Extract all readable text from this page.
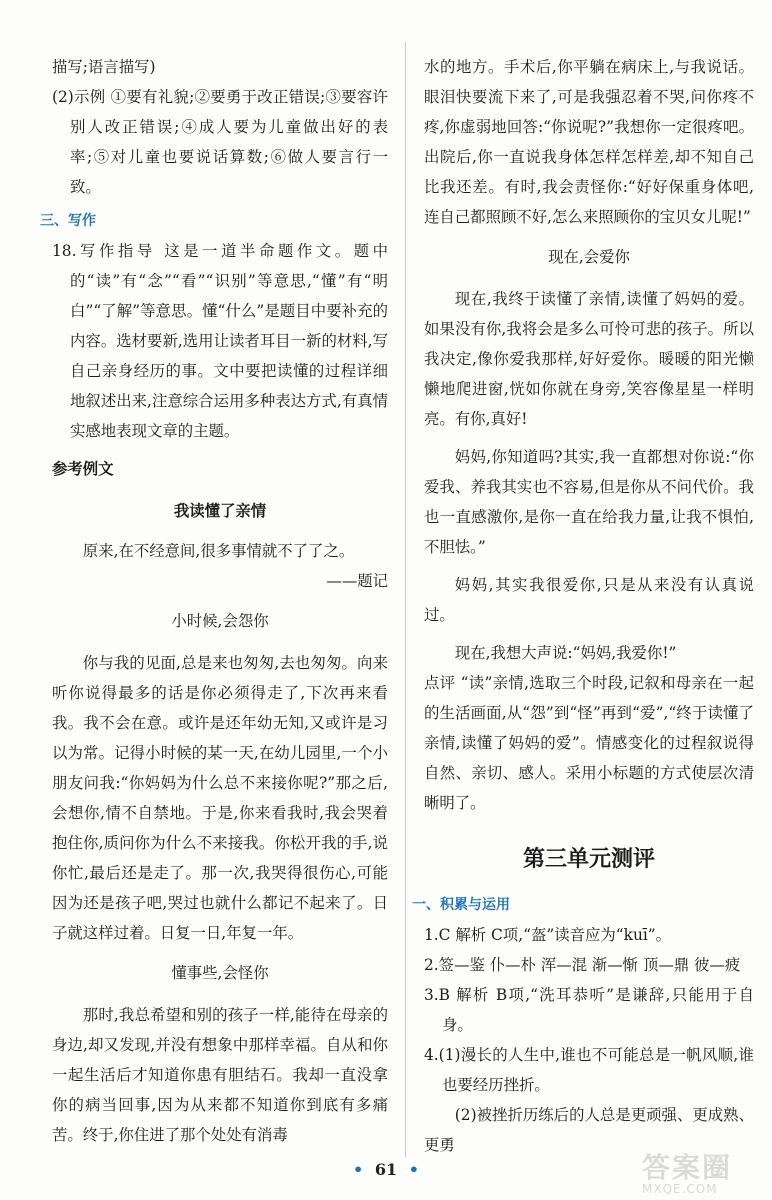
描写;语言描写)

(2)示例 ①要有礼貌;②要勇于改正错误;③要容许别人改正错误;④成人要为儿童做出好的表率;⑤对儿童也要说话算数;⑥做人要言行一致。

三、写作

18.写作指导 这是一道半命题作文。题中的“读”有“念”“看”“识别”等意思,“懂”有“明白”“了解”等意思。懂“什么”是题目中要补充的内容。选材要新,选用让读者耳目一新的材料,写自己亲身经历的事。文中要把读懂的过程详细地叙述出来,注意综合运用多种表达方式,有真情实感地表现文章的主题。

参考例文

我读懂了亲情

原来,在不经意间,很多事情就不了了之。

——题记
小时候,会怨你

你与我的见面,总是来也匆匆,去也匆匆。向来听你说得最多的话是你必须得走了,下次再来看我。我不会在意。或许是还年幼无知,又或许是习以为常。记得小时候的某一天,在幼儿园里,一个小朋友问我:“你妈妈为什么总不来接你呢?”那之后,会想你,情不自禁地。于是,你来看我时,我会哭着抱住你,质问你为什么不来接我。你松开我的手,说你忙,最后还是走了。那一次,我哭得很伤心,可能因为还是孩子吧,哭过也就什么都记不起来了。日子就这样过着。日复一日,年复一年。

懂事些,会怪你

那时,我总希望和别的孩子一样,能待在母亲的身边,却又发现,并没有想象中那样幸福。自从和你一起生活后才知道你患有胆结石。我却一直没拿你的病当回事,因为从来都不知道你到底有多痛苦。终于,你住进了那个处处有消毒

水的地方。手术后,你平躺在病床上,与我说话。眼泪快要流下来了,可是我强忍着不哭,问你疼不疼,你虚弱地回答:“你说呢?”我想你一定很疼吧。出院后,你一直说我身体怎样怎样差,却不知自己比我还差。有时,我会责怪你:“好好保重身体吧,连自己都照顾不好,怎么来照顾你的宝贝女儿呢!”

现在,会爱你

现在,我终于读懂了亲情,读懂了妈妈的爱。如果没有你,我将会是多么可怜可悲的孩子。所以我决定,像你爱我那样,好好爱你。暖暖的阳光懒懒地爬进窗,恍如你就在身旁,笑容像星星一样明亮。有你,真好!

妈妈,你知道吗?其实,我一直都想对你说:“你爱我、养我其实也不容易,但是你从不问代价。我也一直感激你,是你一直在给我力量,让我不惧怕,不胆怯。”

妈妈,其实我很爱你,只是从来没有认真说过。

现在,我想大声说:“妈妈,我爱你!”

点评 “读”亲情,选取三个时段,记叙和母亲在一起的生活画面,从“怨”到“怪”再到“爱”,“终于读懂了亲情,读懂了妈妈的爱”。情感变化的过程叙说得自然、亲切、感人。采用小标题的方式使层次清晰明了。

第三单元测评
一、积累与运用

1.C 解析 C项,“盔”读音应为“kuī”。

2.签—鉴 仆—朴 浑—混 渐—惭 顶—鼎 彼—疲

3.B 解析 B项,“洗耳恭听”是谦辞,只能用于自身。

4.(1)漫长的人生中,谁也不可能总是一帆风顺,谁也要经历挫折。

(2)被挫折历练后的人总是更顽强、更成熟、更勇

• 61 •	答案圈
MXQE.COM
